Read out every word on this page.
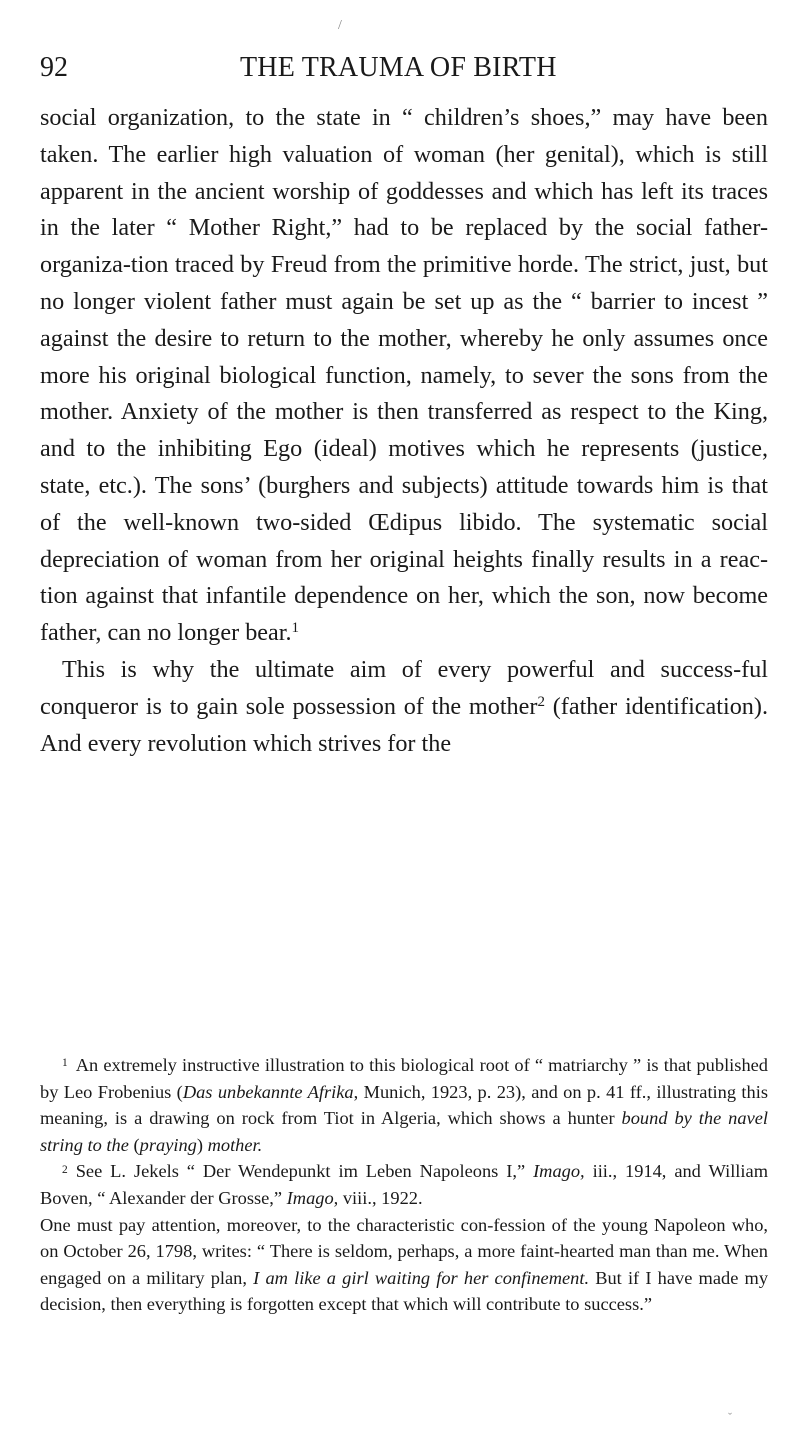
/
92	THE TRAUMA OF BIRTH

social organization, to the state in “ children’s shoes,” may have been taken. The earlier high valuation of woman (her genital), which is still apparent in the ancient worship of goddesses and which has left its traces in the later “ Mother Right,” had to be replaced by the social father-organiza-tion traced by Freud from the primitive horde. The strict, just, but no longer violent father must again be set up as the “ barrier to incest ” against the desire to return to the mother, whereby he only assumes once more his original biological function, namely, to sever the sons from the mother. Anxiety of the mother is then transferred as respect to the King, and to the inhibiting Ego (ideal) motives which he represents (justice, state, etc.). The sons’ (burghers and subjects) attitude towards him is that of the well-known two-sided Œdipus libido. The systematic social depreciation of woman from her original heights finally results in a reac-tion against that infantile dependence on her, which the son, now become father, can no longer bear.$^1$

This is why the ultimate aim of every powerful and success-ful conqueror is to gain sole possession of the mother$^2$ (father identification). And every revolution which strives for the

$^1$ An extremely instructive illustration to this biological root of “ matriarchy ” is that published by Leo Frobenius (Das unbekannte Afrika, Munich, 1923, p. 23), and on p. 41 ff., illustrating this meaning, is a drawing on rock from Tiot in Algeria, which shows a hunter bound by the navel string to the (praying) mother.

$^2$ See L. Jekels “ Der Wendepunkt im Leben Napoleons I,” Imago, iii., 1914, and William Boven, “ Alexander der Grosse,” Imago, viii., 1922.

One must pay attention, moreover, to the characteristic con-fession of the young Napoleon who, on October 26, 1798, writes: “ There is seldom, perhaps, a more faint-hearted man than me. When engaged on a military plan, I am like a girl waiting for her confinement. But if I have made my decision, then everything is forgotten except that which will contribute to success.”

ˇ
